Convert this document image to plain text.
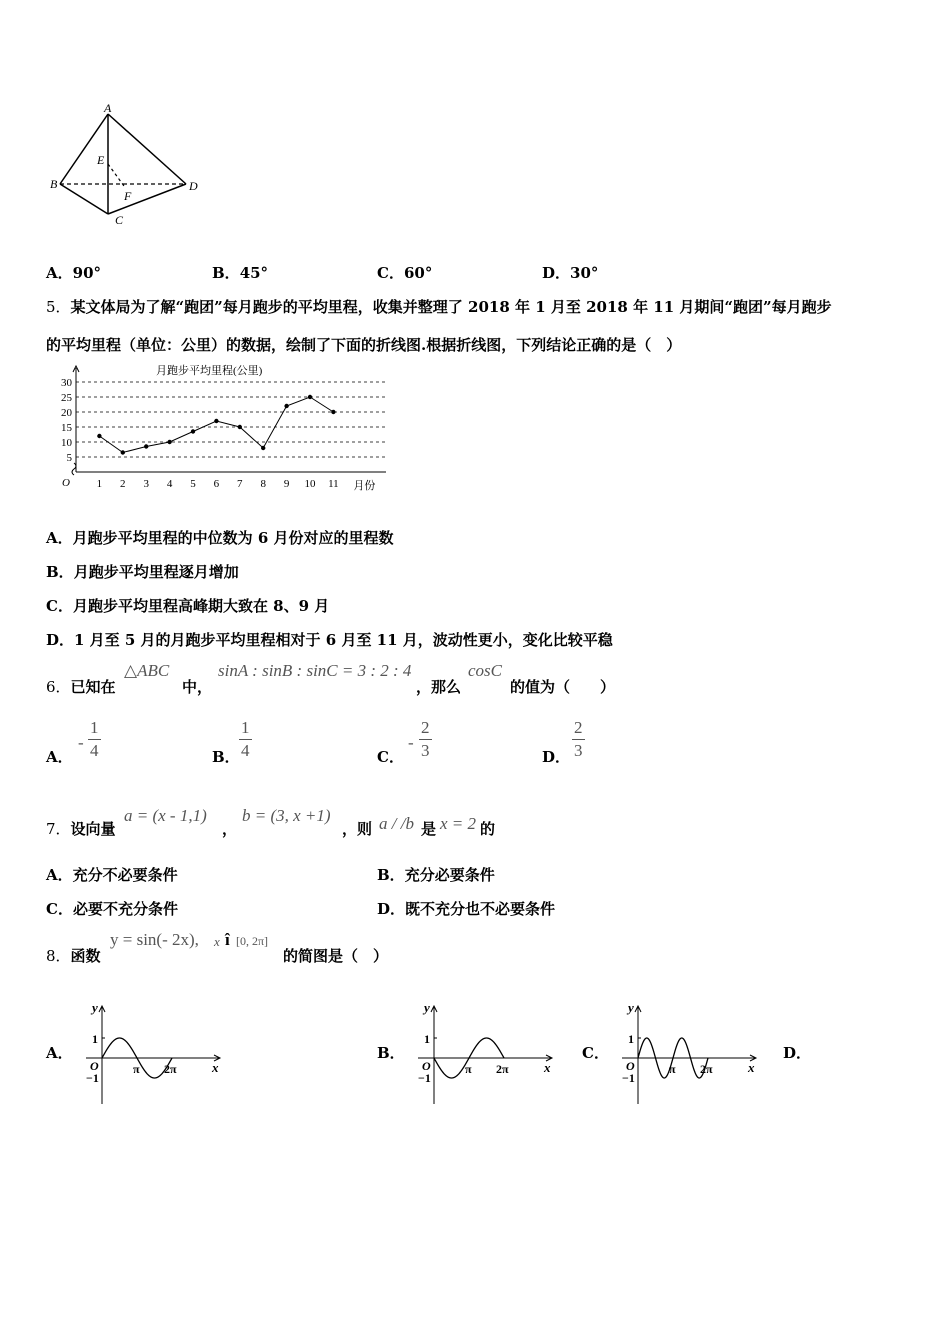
A
B
C
D
E
F
A．90°	B．45°	C．60°	D．30°
5．某文体局为了解“跑团”每月跑步的平均里程，收集并整理了 2018 年 1 月至 2018 年 11 月期间“跑团”每月跑步
的平均里程（单位：公里）的数据，绘制了下面的折线图.根据折线图，下列结论正确的是（　）
O
月跑步平均里程(公里)
5
10
15
20
25
30
1 2 3 4 5 6 7 8 9 10 11 月份
A．月跑步平均里程的中位数为 6 月份对应的里程数
B．月跑步平均里程逐月增加
C．月跑步平均里程高峰期大致在 8、9 月
D．1 月至 5 月的月跑步平均里程相对于 6 月至 11 月，波动性更小，变化比较平稳
6．已知在
△ABC
中，
sinA : sinB : sinC = 3 : 2 : 4
，那么
cosC
的值为（　　）
A．
-
1
4	B．
1
4	C．
-
2
3	D．
2
3
7．设向量
a = (x - 1,1)
，
b = (3, x +1)
，则 a / /b 是 x = 2 的
A．充分不必要条件	B．充分必要条件
C．必要不充分条件	D．既不充分也不必要条件
8．函数
y = sin(- 2x), x î [0, 2π]
的简图是（　）
A．
y
x
1
−1
O	π 2π
B．
y
x
1
−1
O	π 2π
C．
y
x
1
−1
O	π 2π
D．
